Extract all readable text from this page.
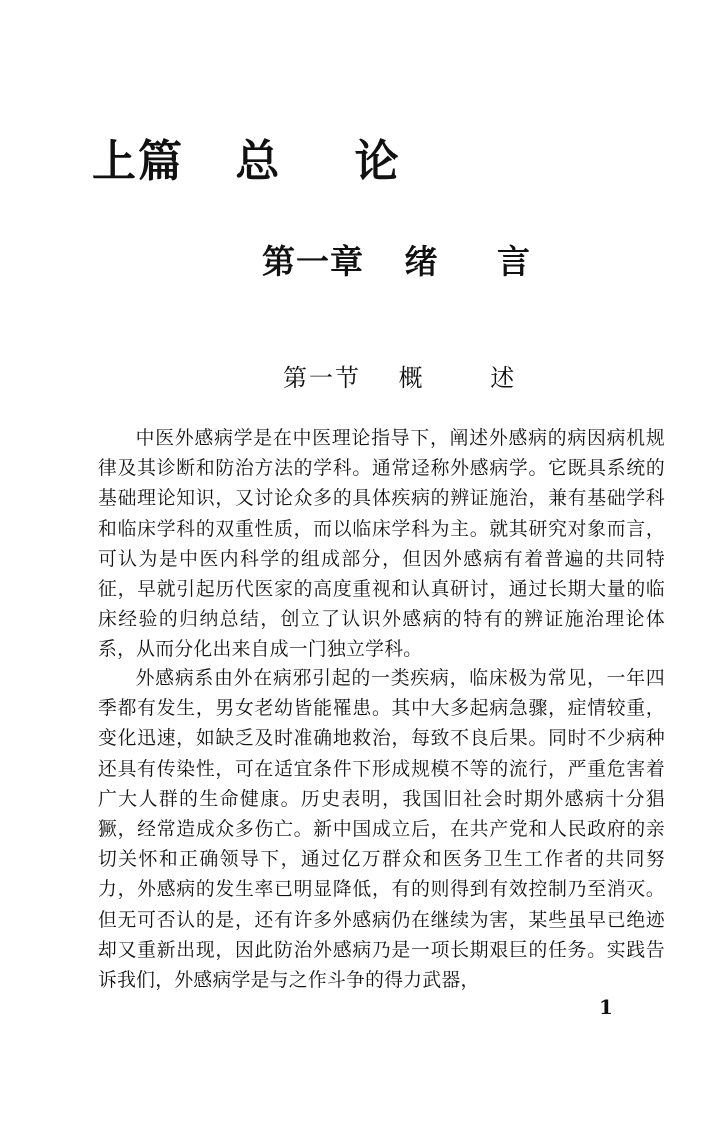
上篇 总 论
第一章 绪 言
第一节 概 述

中医外感病学是在中医理论指导下，阐述外感病的病因病机规律及其诊断和防治方法的学科。通常迳称外感病学。它既具系统的基础理论知识，又讨论众多的具体疾病的辨证施治，兼有基础学科和临床学科的双重性质，而以临床学科为主。就其研究对象而言，可认为是中医内科学的组成部分，但因外感病有着普遍的共同特征，早就引起历代医家的高度重视和认真研讨，通过长期大量的临床经验的归纳总结，创立了认识外感病的特有的辨证施治理论体系，从而分化出来自成一门独立学科。

外感病系由外在病邪引起的一类疾病，临床极为常见，一年四季都有发生，男女老幼皆能罹患。其中大多起病急骤，症情较重，变化迅速，如缺乏及时准确地救治，每致不良后果。同时不少病种还具有传染性，可在适宜条件下形成规模不等的流行，严重危害着广大人群的生命健康。历史表明，我国旧社会时期外感病十分猖獗，经常造成众多伤亡。新中国成立后，在共产党和人民政府的亲切关怀和正确领导下，通过亿万群众和医务卫生工作者的共同努力，外感病的发生率已明显降低，有的则得到有效控制乃至消灭。但无可否认的是，还有许多外感病仍在继续为害，某些虽早已绝迹却又重新出现，因此防治外感病乃是一项长期艰巨的任务。实践告诉我们，外感病学是与之作斗争的得力武器，

1
